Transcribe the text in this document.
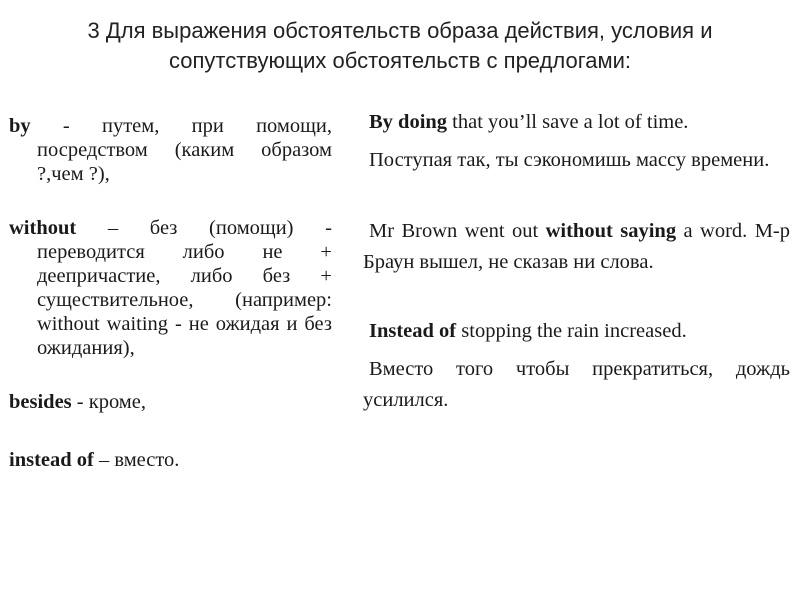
3 Для выражения обстоятельств образа действия, условия и сопутствующих обстоятельств с предлогами:

by - путем, при помощи, посредством (каким образом ?,чем ?),

without – без (помощи) - переводится либо не + деепричастие, либо без + существительное, (например: without waiting - не ожидая и без ожидания),

besides - кроме,

instead of – вместо.

By doing that you’ll save a lot of time.

Поступая так, ты сэкономишь массу времени.

Mr Brown went out without saying a word. М-р Браун вышел, не сказав ни слова.

Instead of stopping the rain increased.

Вместо того чтобы прекратиться, дождь усилился.
